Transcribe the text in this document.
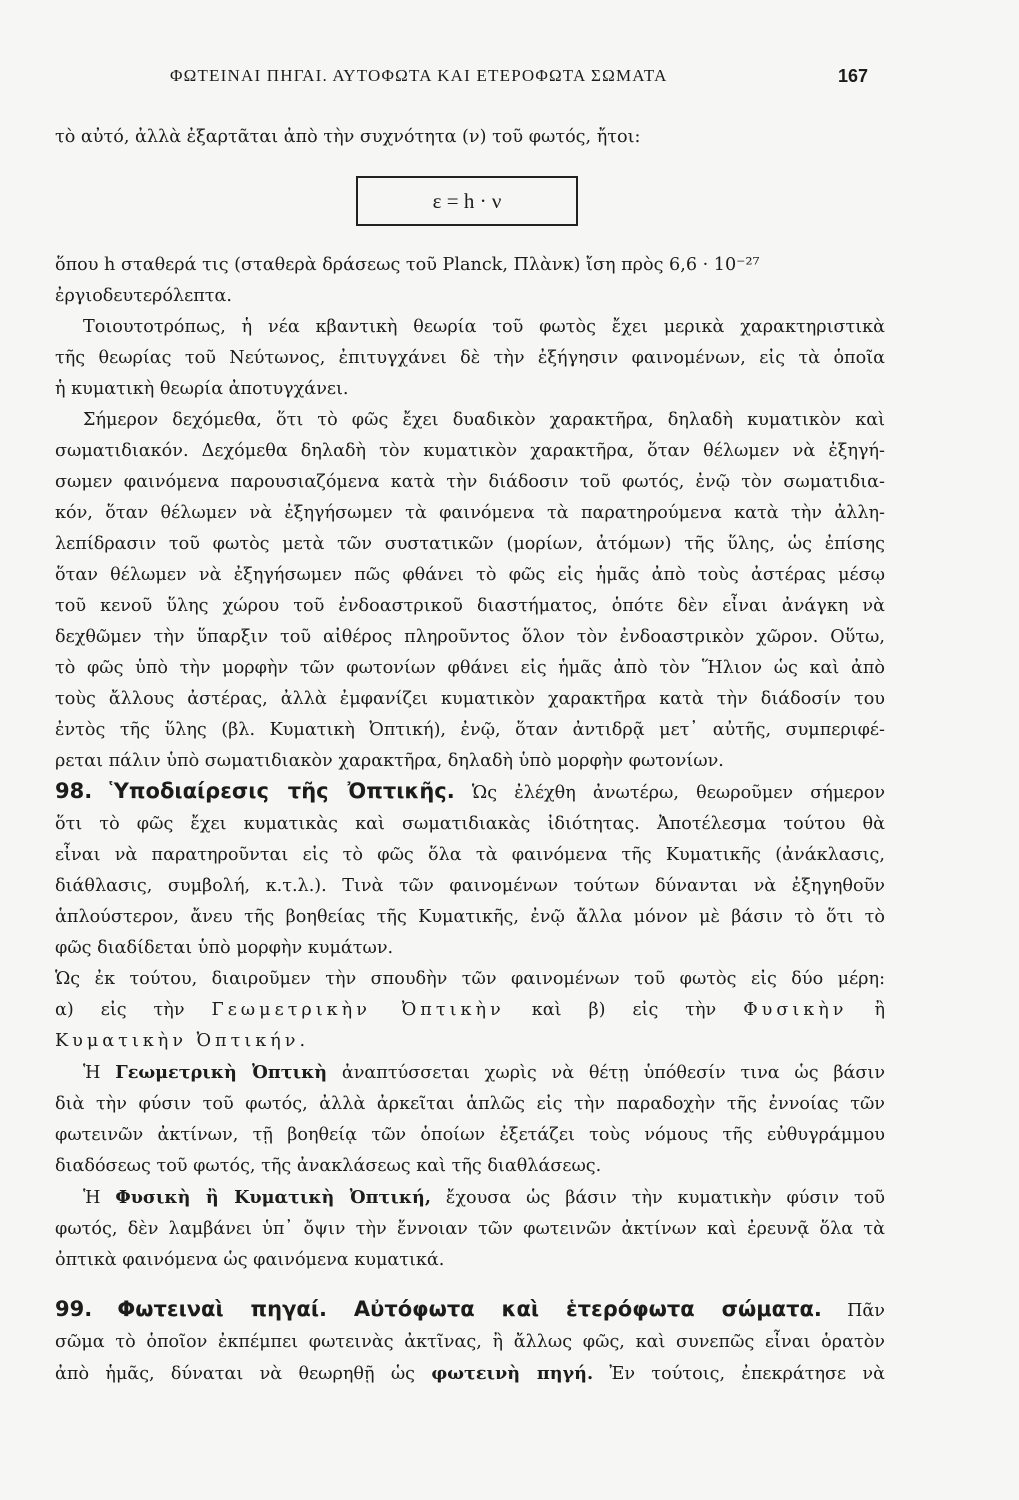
ΦΩΤΕΙΝΑΙ ΠΗΓΑΙ. ΑΥΤΟΦΩΤΑ ΚΑΙ ΕΤΕΡΟΦΩΤΑ ΣΩΜΑΤΑ	167
τὸ αὐτό, ἀλλὰ ἐξαρτᾶται ἀπὸ τὴν συχνότητα (ν) τοῦ φωτός, ἤτοι:
ε = h · ν
ὅπου h σταθερά τις (σταθερὰ δράσεως τοῦ Planck, Πλὰνκ) ἴση πρὸς 6,6 · 10⁻²⁷
ἐργιοδευτερόλεπτα.
Τοιουτοτρόπως, ἡ νέα κβαντικὴ θεωρία τοῦ φωτὸς ἔχει μερικὰ χαρακτηριστικὰ
τῆς θεωρίας τοῦ Νεύτωνος, ἐπιτυγχάνει δὲ τὴν ἐξήγησιν φαινομένων, εἰς τὰ ὁποῖα
ἡ κυματικὴ θεωρία ἀποτυγχάνει.
Σήμερον δεχόμεθα, ὅτι τὸ φῶς ἔχει δυαδικὸν χαρακτῆρα, δηλαδὴ κυματικὸν καὶ
σωματιδιακόν. Δεχόμεθα δηλαδὴ τὸν κυματικὸν χαρακτῆρα, ὅταν θέλωμεν νὰ ἐξηγή-
σωμεν φαινόμενα παρουσιαζόμενα κατὰ τὴν διάδοσιν τοῦ φωτός, ἐνῷ τὸν σωματιδια-
κόν, ὅταν θέλωμεν νὰ ἐξηγήσωμεν τὰ φαινόμενα τὰ παρατηρούμενα κατὰ τὴν ἀλλη-
λεπίδρασιν τοῦ φωτὸς μετὰ τῶν συστατικῶν (μορίων, ἀτόμων) τῆς ὕλης, ὡς ἐπίσης
ὅταν θέλωμεν νὰ ἐξηγήσωμεν πῶς φθάνει τὸ φῶς εἰς ἡμᾶς ἀπὸ τοὺς ἀστέρας μέσῳ
τοῦ κενοῦ ὕλης χώρου τοῦ ἐνδοαστρικοῦ διαστήματος, ὁπότε δὲν εἶναι ἀνάγκη νὰ
δεχθῶμεν τὴν ὕπαρξιν τοῦ αἰθέρος πληροῦντος ὅλον τὸν ἐνδοαστρικὸν χῶρον. Οὕτω,
τὸ φῶς ὑπὸ τὴν μορφὴν τῶν φωτονίων φθάνει εἰς ἡμᾶς ἀπὸ τὸν Ἥλιον ὡς καὶ ἀπὸ
τοὺς ἄλλους ἀστέρας, ἀλλὰ ἐμφανίζει κυματικὸν χαρακτῆρα κατὰ τὴν διάδοσίν του
ἐντὸς τῆς ὕλης (βλ. Κυματικὴ Ὀπτική), ἐνῷ, ὅταν ἀντιδρᾷ μετ᾽ αὐτῆς, συμπεριφέ-
ρεται πάλιν ὑπὸ σωματιδιακὸν χαρακτῆρα, δηλαδὴ ὑπὸ μορφὴν φωτονίων.
98. Ὑποδιαίρεσις τῆς Ὀπτικῆς. Ὡς ἐλέχθη ἀνωτέρω, θεωροῦμεν σήμερον
ὅτι τὸ φῶς ἔχει κυματικὰς καὶ σωματιδιακὰς ἰδιότητας. Ἀποτέλεσμα τούτου θὰ
εἶναι νὰ παρατηροῦνται εἰς τὸ φῶς ὅλα τὰ φαινόμενα τῆς Κυματικῆς (ἀνάκλασις,
διάθλασις, συμβολή, κ.τ.λ.). Τινὰ τῶν φαινομένων τούτων δύνανται νὰ ἐξηγηθοῦν
ἁπλούστερον, ἄνευ τῆς βοηθείας τῆς Κυματικῆς, ἐνῷ ἄλλα μόνον μὲ βάσιν τὸ ὅτι τὸ
φῶς διαδίδεται ὑπὸ μορφὴν κυμάτων.
Ὡς ἐκ τούτου, διαιροῦμεν τὴν σπουδὴν τῶν φαινομένων τοῦ φωτὸς εἰς δύο μέρη:
α) εἰς τὴν Γεωμετρικὴν Ὀπτικὴν καὶ β) εἰς τὴν Φυσικὴν ἢ
Κυματικὴν Ὀπτικήν.
Ἡ Γεωμετρικὴ Ὀπτικὴ ἀναπτύσσεται χωρὶς νὰ θέτῃ ὑπόθεσίν τινα ὡς βάσιν
διὰ τὴν φύσιν τοῦ φωτός, ἀλλὰ ἀρκεῖται ἁπλῶς εἰς τὴν παραδοχὴν τῆς ἐννοίας τῶν
φωτεινῶν ἀκτίνων, τῇ βοηθείᾳ τῶν ὁποίων ἐξετάζει τοὺς νόμους τῆς εὐθυγράμμου
διαδόσεως τοῦ φωτός, τῆς ἀνακλάσεως καὶ τῆς διαθλάσεως.
Ἡ Φυσικὴ ἢ Κυματικὴ Ὀπτική, ἔχουσα ὡς βάσιν τὴν κυματικὴν φύσιν τοῦ
φωτός, δὲν λαμβάνει ὑπ᾽ ὄψιν τὴν ἔννοιαν τῶν φωτεινῶν ἀκτίνων καὶ ἐρευνᾷ ὅλα τὰ
ὀπτικὰ φαινόμενα ὡς φαινόμενα κυματικά.
99. Φωτειναὶ πηγαί. Αὐτόφωτα καὶ ἑτερόφωτα σώματα. Πᾶν
σῶμα τὸ ὁποῖον ἐκπέμπει φωτεινὰς ἀκτῖνας, ἢ ἄλλως φῶς, καὶ συνεπῶς εἶναι ὁρατὸν
ἀπὸ ἡμᾶς, δύναται νὰ θεωρηθῇ ὡς φωτεινὴ πηγή. Ἐν τούτοις, ἐπεκράτησε νὰ
